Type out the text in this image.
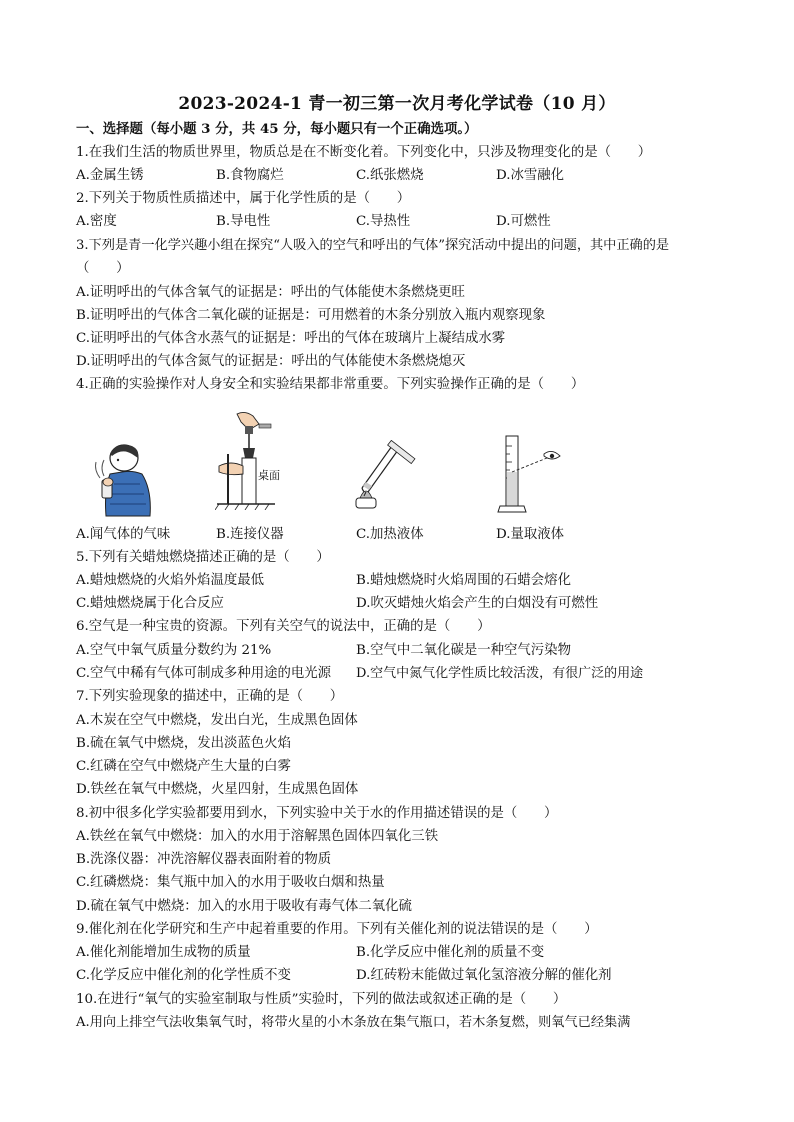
2023-2024-1 青一初三第一次月考化学试卷（10 月）
一、选择题（每小题 3 分，共 45 分，每小题只有一个正确选项。）
1.在我们生活的物质世界里，物质总是在不断变化着。下列变化中，只涉及物理变化的是（　　）
A.金属生锈	B.食物腐烂	C.纸张燃烧	D.冰雪融化
2.下列关于物质性质描述中，属于化学性质的是（　　）
A.密度	B.导电性	C.导热性	D.可燃性
3.下列是青一化学兴趣小组在探究“人吸入的空气和呼出的气体”探究活动中提出的问题，其中正确的是
（　　）
A.证明呼出的气体含氧气的证据是：呼出的气体能使木条燃烧更旺
B.证明呼出的气体含二氧化碳的证据是：可用燃着的木条分别放入瓶内观察现象
C.证明呼出的气体含水蒸气的证据是：呼出的气体在玻璃片上凝结成水雾
D.证明呼出的气体含氮气的证据是：呼出的气体能使木条燃烧熄灭
4.正确的实验操作对人身安全和实验结果都非常重要。下列实验操作正确的是（　　）
桌面
A.闻气体的气味	B.连接仪器	C.加热液体	D.量取液体
5.下列有关蜡烛燃烧描述正确的是（　　）
A.蜡烛燃烧的火焰外焰温度最低	B.蜡烛燃烧时火焰周围的石蜡会熔化
C.蜡烛燃烧属于化合反应	D.吹灭蜡烛火焰会产生的白烟没有可燃性
6.空气是一种宝贵的资源。下列有关空气的说法中，正确的是（　　）
A.空气中氧气质量分数约为 21%	B.空气中二氧化碳是一种空气污染物
C.空气中稀有气体可制成多种用途的电光源 D.空气中氮气化学性质比较活泼，有很广泛的用途
7.下列实验现象的描述中，正确的是（　　）
A.木炭在空气中燃烧，发出白光，生成黑色固体
B.硫在氧气中燃烧，发出淡蓝色火焰
C.红磷在空气中燃烧产生大量的白雾
D.铁丝在氧气中燃烧，火星四射，生成黑色固体
8.初中很多化学实验都要用到水，下列实验中关于水的作用描述错误的是（　　）
A.铁丝在氧气中燃烧：加入的水用于溶解黑色固体四氧化三铁
B.洗涤仪器：冲洗溶解仪器表面附着的物质
C.红磷燃烧：集气瓶中加入的水用于吸收白烟和热量
D.硫在氧气中燃烧：加入的水用于吸收有毒气体二氧化硫
9.催化剂在化学研究和生产中起着重要的作用。下列有关催化剂的说法错误的是（　　）
A.催化剂能增加生成物的质量	B.化学反应中催化剂的质量不变
C.化学反应中催化剂的化学性质不变	D.红砖粉末能做过氧化氢溶液分解的催化剂
10.在进行“氧气的实验室制取与性质”实验时，下列的做法或叙述正确的是（　　）
A.用向上排空气法收集氧气时，将带火星的小木条放在集气瓶口，若木条复燃，则氧气已经集满
